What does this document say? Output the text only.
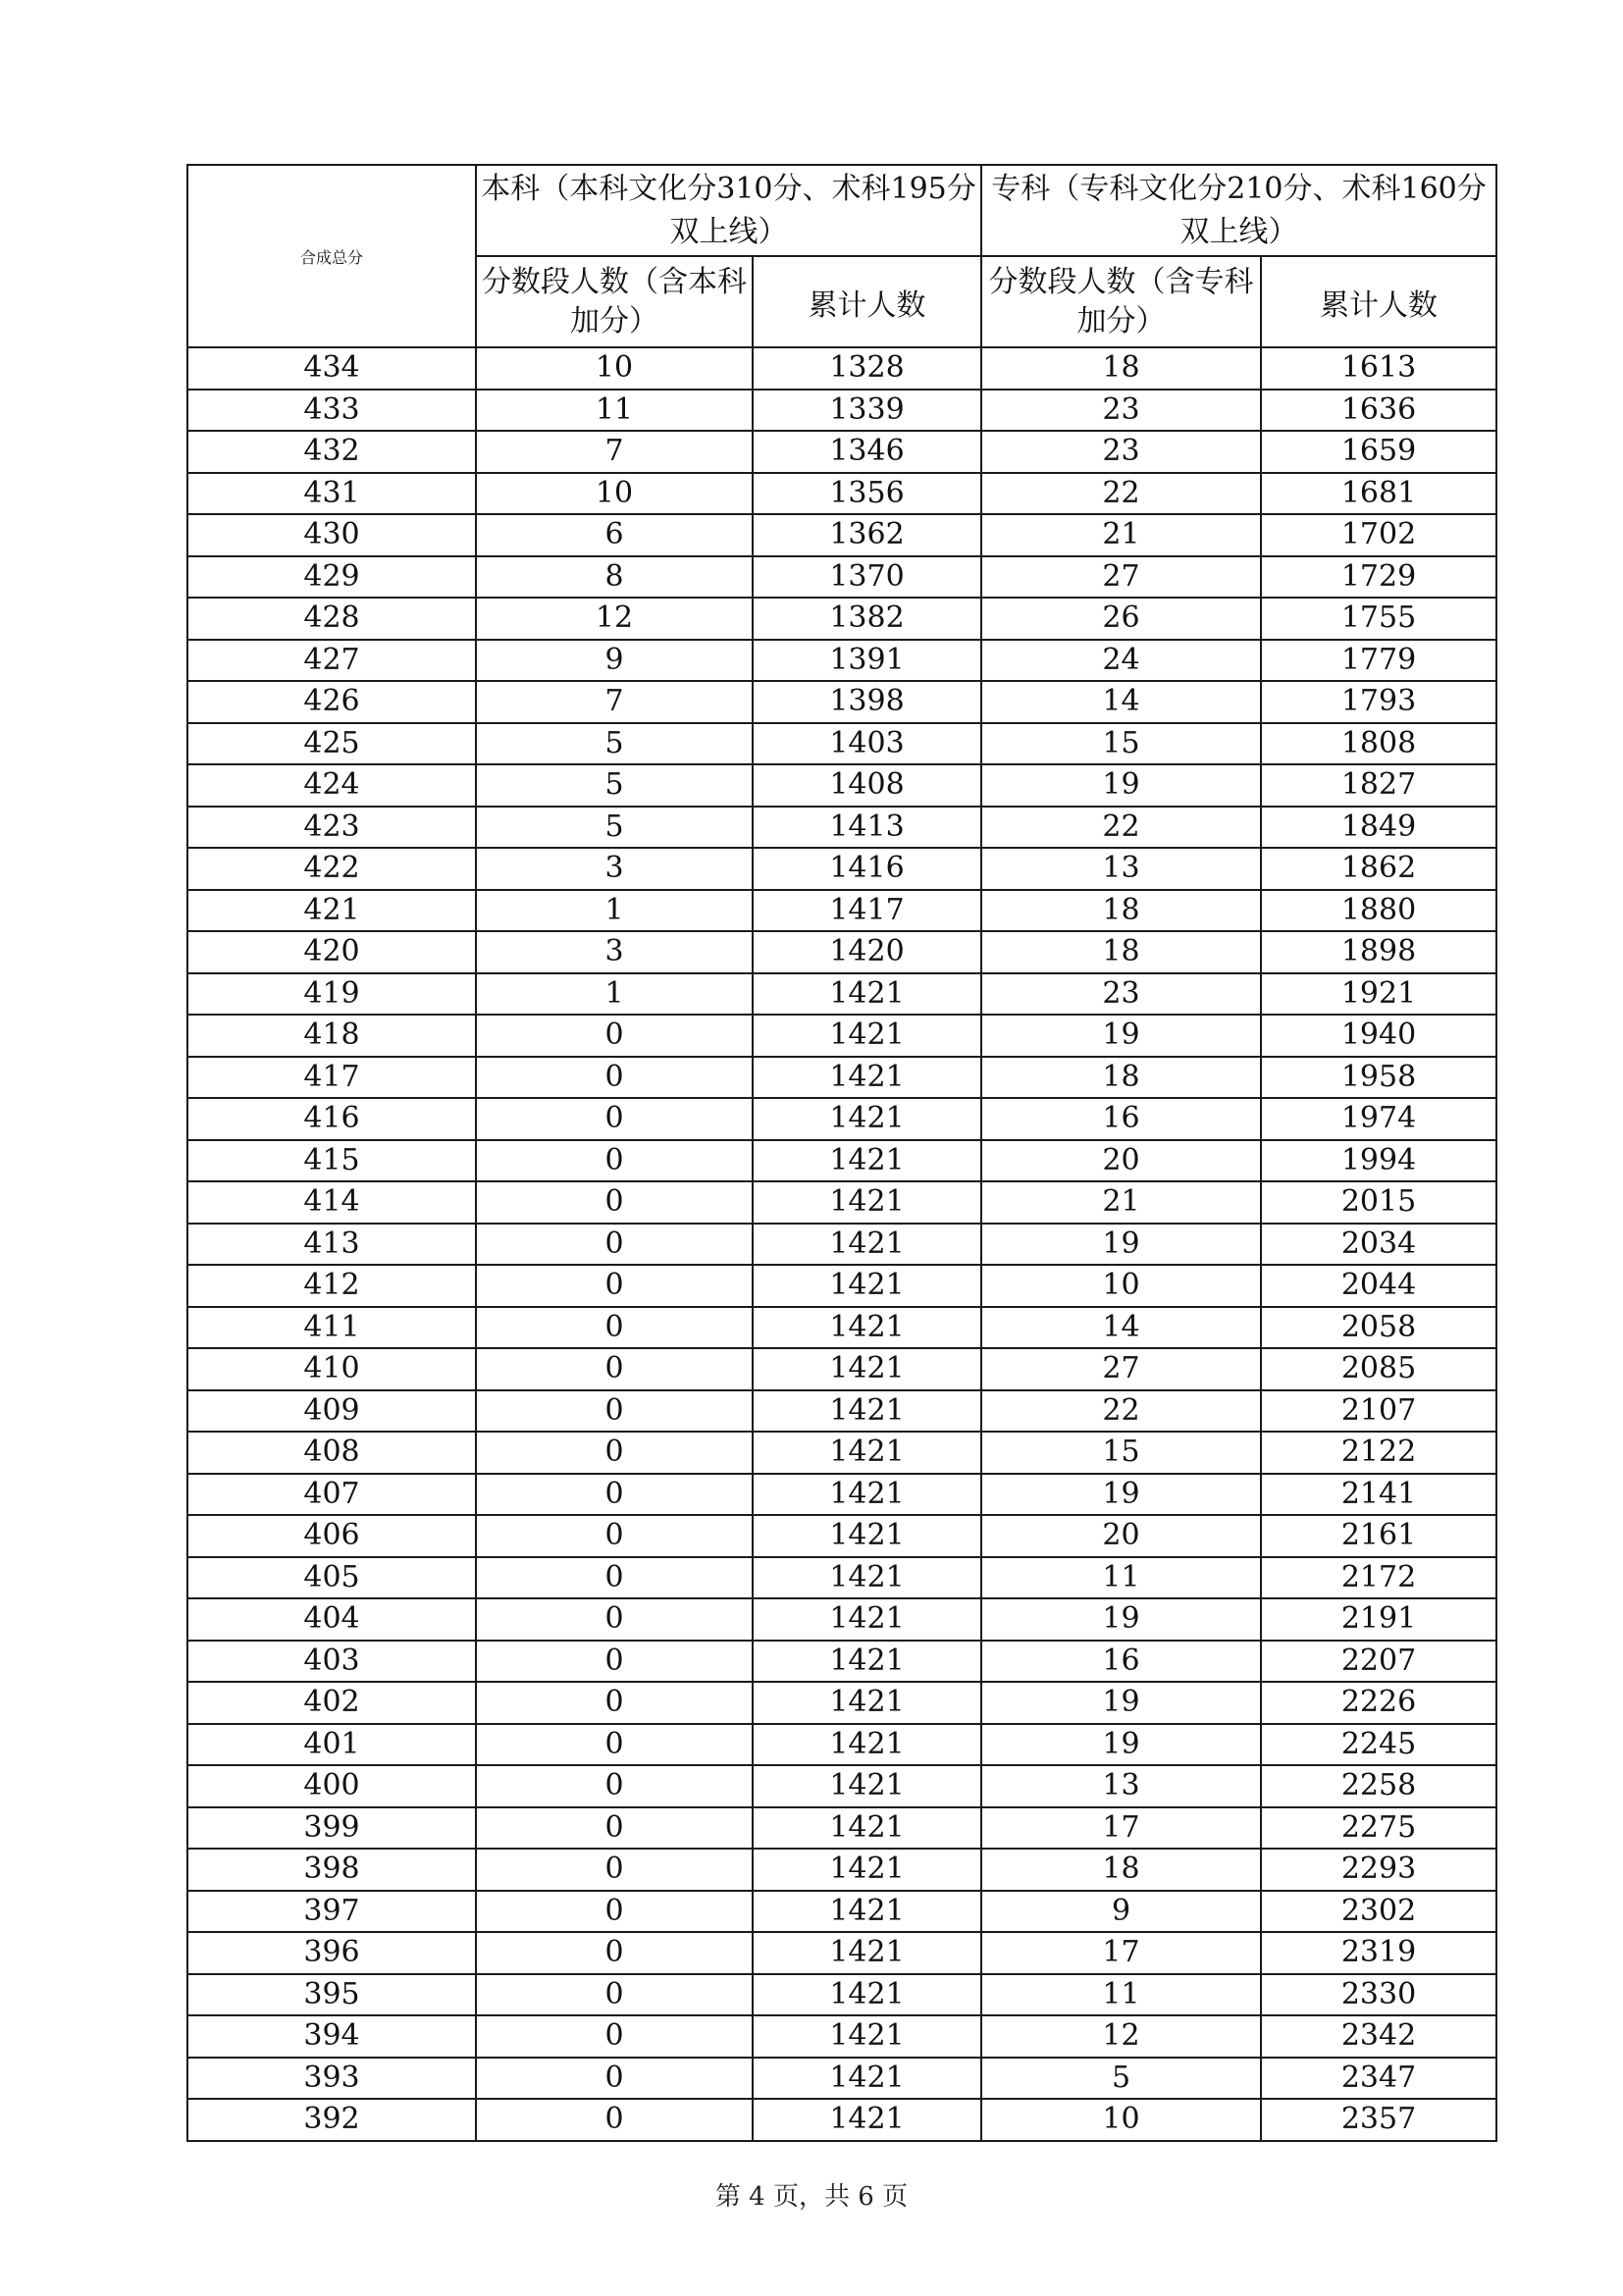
合成总分	本科（本科文化分310分、术科195分双上线）		专科（专科文化分210分、术科160分双上线）	
	分数段人数（含本科加分）	累计人数	分数段人数（含专科加分）	累计人数
434	10	1328	18	1613
433	11	1339	23	1636
432	7	1346	23	1659
431	10	1356	22	1681
430	6	1362	21	1702
429	8	1370	27	1729
428	12	1382	26	1755
427	9	1391	24	1779
426	7	1398	14	1793
425	5	1403	15	1808
424	5	1408	19	1827
423	5	1413	22	1849
422	3	1416	13	1862
421	1	1417	18	1880
420	3	1420	18	1898
419	1	1421	23	1921
418	0	1421	19	1940
417	0	1421	18	1958
416	0	1421	16	1974
415	0	1421	20	1994
414	0	1421	21	2015
413	0	1421	19	2034
412	0	1421	10	2044
411	0	1421	14	2058
410	0	1421	27	2085
409	0	1421	22	2107
408	0	1421	15	2122
407	0	1421	19	2141
406	0	1421	20	2161
405	0	1421	11	2172
404	0	1421	19	2191
403	0	1421	16	2207
402	0	1421	19	2226
401	0	1421	19	2245
400	0	1421	13	2258
399	0	1421	17	2275
398	0	1421	18	2293
397	0	1421	9	2302
396	0	1421	17	2319
395	0	1421	11	2330
394	0	1421	12	2342
393	0	1421	5	2347
392	0	1421	10	2357
第 4 页，共 6 页
